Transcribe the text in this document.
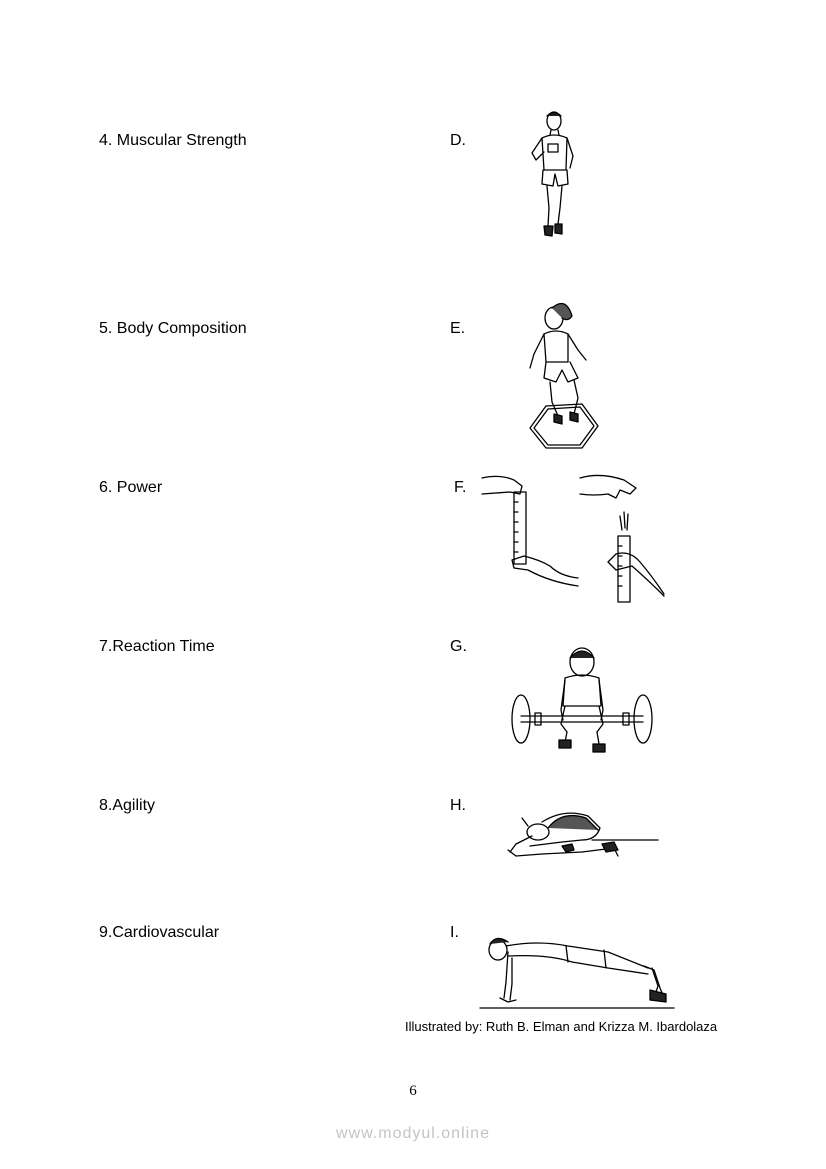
4. Muscular Strength	D.
5. Body Composition	E.
6. Power	F.
7.Reaction Time	G.
8.Agility	H.
9.Cardiovascular	I.
Illustrated by: Ruth B. Elman and Krizza M. Ibardolaza
6
www.modyul.online
